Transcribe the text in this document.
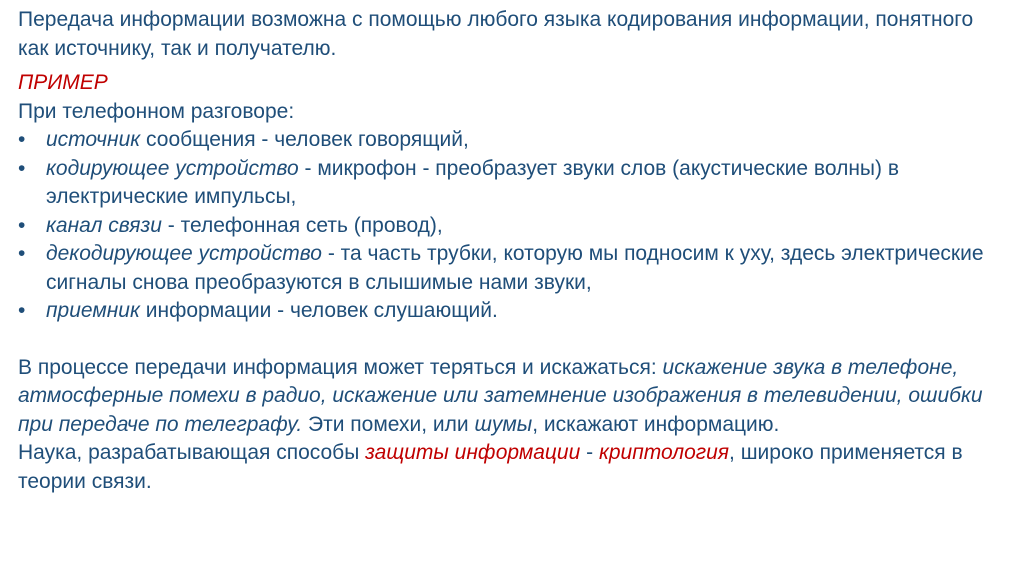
Передача информации возможна с помощью любого языка кодирования информации, понятного как источнику, так и получателю.

ПРИМЕР
При телефонном разговоре:
• источник сообщения - человек говорящий,
• кодирующее устройство - микрофон - преобразует звуки слов (акустические волны) в электрические импульсы,
• канал связи - телефонная сеть (провод),
• декодирующее устройство - та часть трубки, которую мы подносим к уху, здесь электрические сигналы снова преобразуются в слышимые нами звуки,
• приемник информации - человек слушающий.

В процессе передачи информация может теряться и искажаться: искажение звука в телефоне, атмосферные помехи в радио, искажение или затемнение изображения в телевидении, ошибки при передаче по телеграфу. Эти помехи, или шумы, искажают информацию.

Наука, разрабатывающая способы защиты информации - криптология, широко применяется в теории связи.
